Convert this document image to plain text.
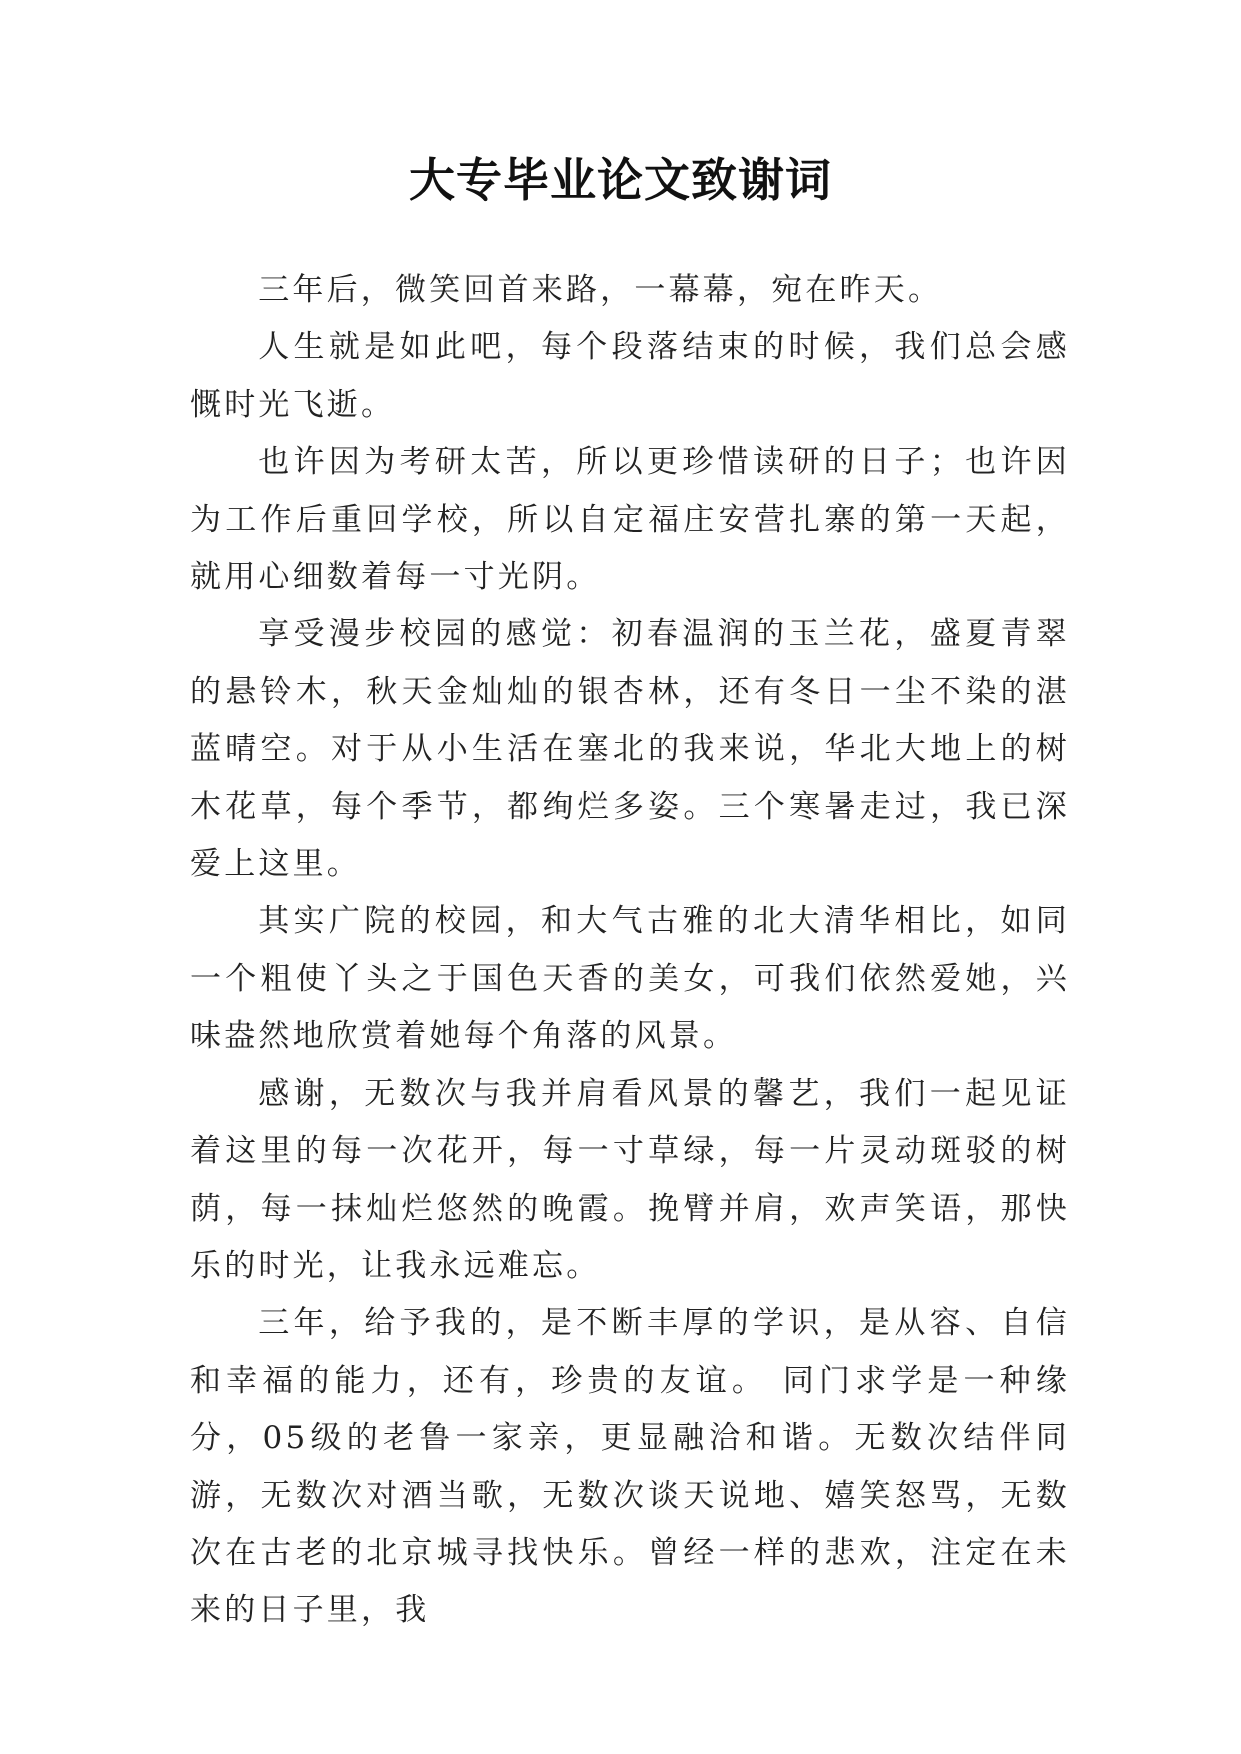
大专毕业论文致谢词

三年后，微笑回首来路，一幕幕，宛在昨天。

人生就是如此吧，每个段落结束的时候，我们总会感慨时光飞逝。

也许因为考研太苦，所以更珍惜读研的日子；也许因为工作后重回学校，所以自定福庄安营扎寨的第一天起，就用心细数着每一寸光阴。

享受漫步校园的感觉：初春温润的玉兰花，盛夏青翠的悬铃木，秋天金灿灿的银杏林，还有冬日一尘不染的湛蓝晴空。对于从小生活在塞北的我来说，华北大地上的树木花草，每个季节，都绚烂多姿。三个寒暑走过，我已深爱上这里。

其实广院的校园，和大气古雅的北大清华相比，如同一个粗使丫头之于国色天香的美女，可我们依然爱她，兴味盎然地欣赏着她每个角落的风景。

感谢，无数次与我并肩看风景的馨艺，我们一起见证着这里的每一次花开，每一寸草绿，每一片灵动斑驳的树荫，每一抹灿烂悠然的晚霞。挽臂并肩，欢声笑语，那快乐的时光，让我永远难忘。

三年，给予我的，是不断丰厚的学识，是从容、自信和幸福的能力，还有，珍贵的友谊。 同门求学是一种缘分，05级的老鲁一家亲，更显融洽和谐。无数次结伴同游，无数次对酒当歌，无数次谈天说地、嬉笑怒骂，无数次在古老的北京城寻找快乐。曾经一样的悲欢，注定在未来的日子里，我
